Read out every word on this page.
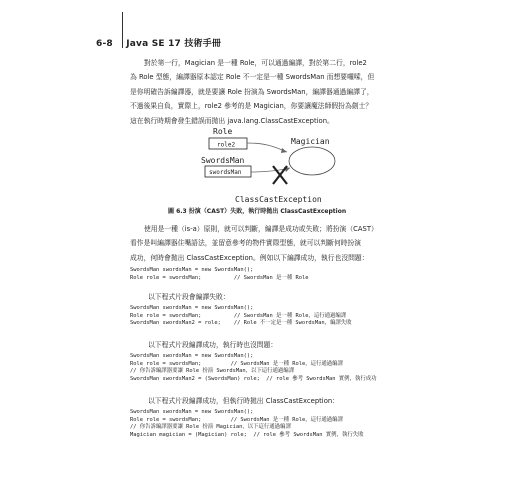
6-8 Java SE 17 技術手冊

對於第一行，Magician 是一種 Role，可以通過編譯，對於第二行，role2

為 Role 型態，編譯器原本認定 Role 不一定是一種 SwordsMan 而想要囉嗦，但

是你明確告訴編譯器，就是要讓 Role 扮演為 SwordsMan，編譯器通過編譯了，

不過後果自負，實際上，role2 參考的是 Magician，你要讓魔法師假扮為劍士？

這在執行時期會發生錯誤而拋出 java.lang.ClassCastException。

Role
role2	Magician
SwordsMan
swordsMan
ClassCastException
圖 6.3 扮演（CAST）失敗，執行時拋出 ClassCastException

使用是一種（is-a）原則，就可以判斷，編譯是成功或失敗；將扮演（CAST）

看作是叫編譯器住嘴語法，並留意參考的物件實際型態，就可以判斷何時扮演

成功，何時會拋出 ClassCastException。例如以下編譯成功，執行也沒問題：

SwordsMan swordsMan = new SwordsMan();
Role role = swordsMan;          // SwordsMan 是一種 Role
以下程式片段會編譯失敗：
SwordsMan swordsMan = new SwordsMan();
Role role = swordsMan;          // SwordsMan 是一種 Role，這行通過編譯
SwordsMan swordsMan2 = role;    // Role 不一定是一種 SwordsMan，編譯失敗
以下程式片段編譯成功，執行時也沒問題：
SwordsMan swordsMan = new SwordsMan();
Role role = swordsMan;         // SwordsMan 是一種 Role，這行通過編譯
// 你告訴編譯器要讓 Role 扮演 SwordsMan，以下這行通過編譯
SwordsMan swordsMan2 = (SwordsMan) role;  // role 參考 SwordsMan 實例，執行成功
以下程式片段編譯成功，但執行時拋出 ClassCastException：
SwordsMan swordsMan = new SwordsMan();
Role role = swordsMan;         // SwordsMan 是一種 Role，這行通過編譯
// 你告訴編譯器要讓 Role 扮演 Magician，以下這行通過編譯
Magician magician = (Magician) role;  // role 參考 SwordsMan 實例，執行失敗
